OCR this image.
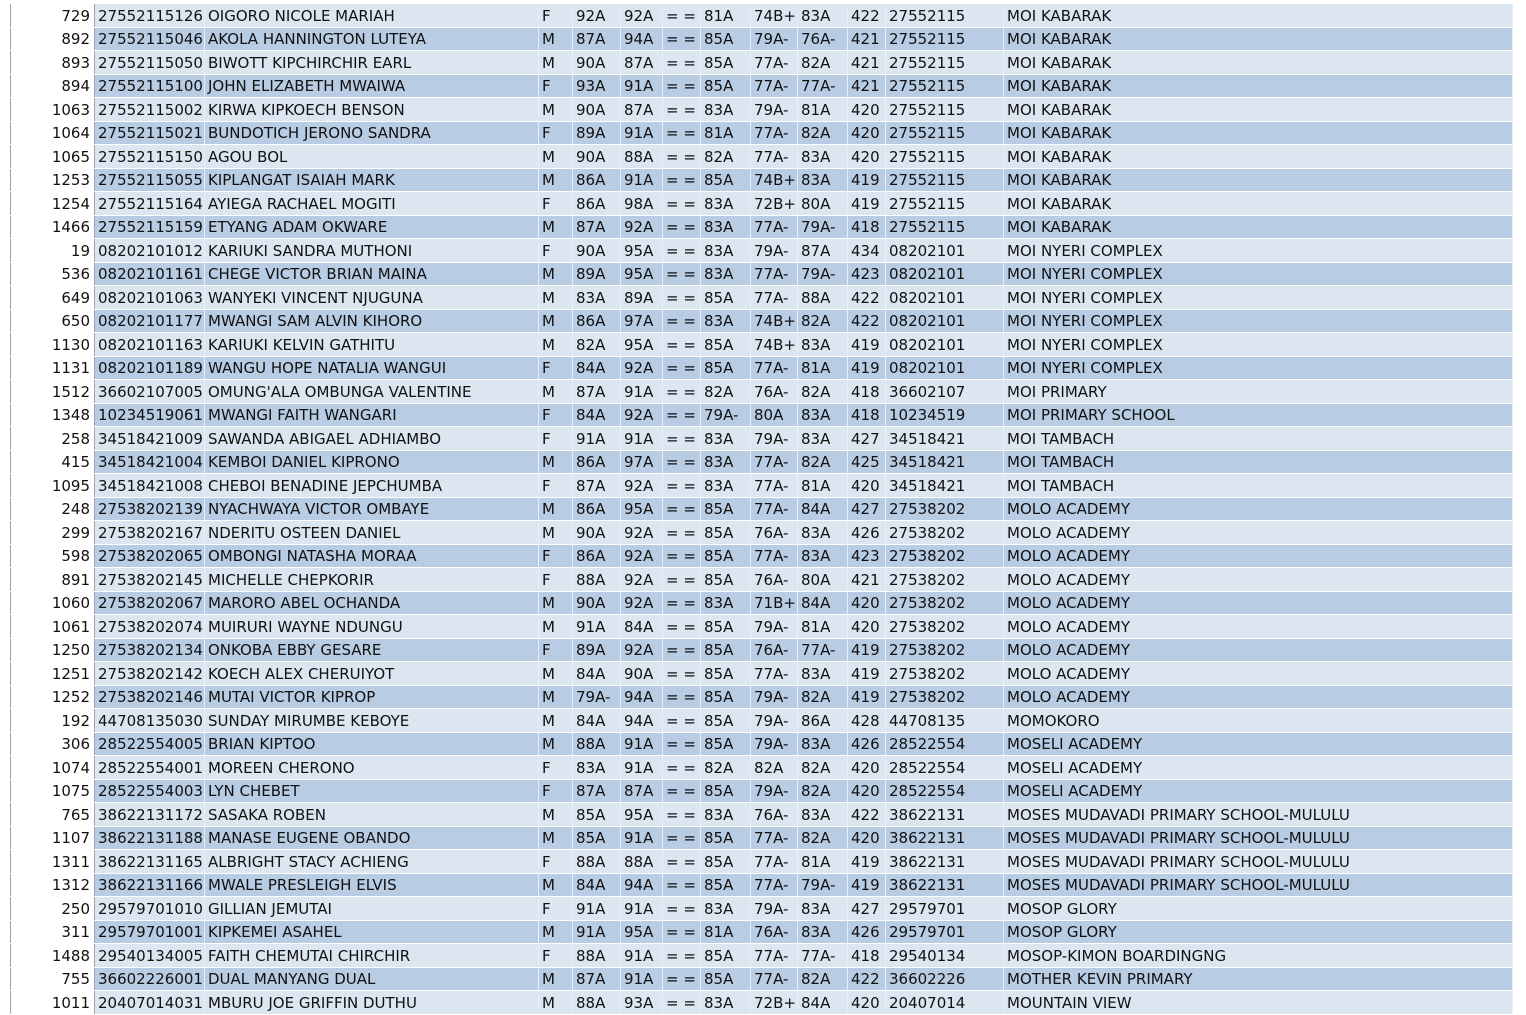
729	27552115126	OIGORO NICOLE MARIAH	F	92A	92A	= =	81A	74B+	83A	422	27552115	MOI KABARAK
892	27552115046	AKOLA HANNINGTON LUTEYA	M	87A	94A	= =	85A	79A-	76A-	421	27552115	MOI KABARAK
893	27552115050	BIWOTT KIPCHIRCHIR EARL	M	90A	87A	= =	85A	77A-	82A	421	27552115	MOI KABARAK
894	27552115100	JOHN ELIZABETH MWAIWA	F	93A	91A	= =	85A	77A-	77A-	421	27552115	MOI KABARAK
1063	27552115002	KIRWA KIPKOECH BENSON	M	90A	87A	= =	83A	79A-	81A	420	27552115	MOI KABARAK
1064	27552115021	BUNDOTICH JERONO SANDRA	F	89A	91A	= =	81A	77A-	82A	420	27552115	MOI KABARAK
1065	27552115150	AGOU BOL	M	90A	88A	= =	82A	77A-	83A	420	27552115	MOI KABARAK
1253	27552115055	KIPLANGAT ISAIAH MARK	M	86A	91A	= =	85A	74B+	83A	419	27552115	MOI KABARAK
1254	27552115164	AYIEGA RACHAEL MOGITI	F	86A	98A	= =	83A	72B+	80A	419	27552115	MOI KABARAK
1466	27552115159	ETYANG ADAM OKWARE	M	87A	92A	= =	83A	77A-	79A-	418	27552115	MOI KABARAK
19	08202101012	KARIUKI SANDRA MUTHONI	F	90A	95A	= =	83A	79A-	87A	434	08202101	MOI NYERI COMPLEX
536	08202101161	CHEGE VICTOR BRIAN MAINA	M	89A	95A	= =	83A	77A-	79A-	423	08202101	MOI NYERI COMPLEX
649	08202101063	WANYEKI VINCENT NJUGUNA	M	83A	89A	= =	85A	77A-	88A	422	08202101	MOI NYERI COMPLEX
650	08202101177	MWANGI SAM ALVIN KIHORO	M	86A	97A	= =	83A	74B+	82A	422	08202101	MOI NYERI COMPLEX
1130	08202101163	KARIUKI KELVIN GATHITU	M	82A	95A	= =	85A	74B+	83A	419	08202101	MOI NYERI COMPLEX
1131	08202101189	WANGU HOPE NATALIA WANGUI	F	84A	92A	= =	85A	77A-	81A	419	08202101	MOI NYERI COMPLEX
1512	36602107005	OMUNG'ALA OMBUNGA VALENTINE	M	87A	91A	= =	82A	76A-	82A	418	36602107	MOI PRIMARY
1348	10234519061	MWANGI FAITH WANGARI	F	84A	92A	= =	79A-	80A	83A	418	10234519	MOI PRIMARY SCHOOL
258	34518421009	SAWANDA ABIGAEL ADHIAMBO	F	91A	91A	= =	83A	79A-	83A	427	34518421	MOI TAMBACH
415	34518421004	KEMBOI DANIEL KIPRONO	M	86A	97A	= =	83A	77A-	82A	425	34518421	MOI TAMBACH
1095	34518421008	CHEBOI BENADINE JEPCHUMBA	F	87A	92A	= =	83A	77A-	81A	420	34518421	MOI TAMBACH
248	27538202139	NYACHWAYA VICTOR OMBAYE	M	86A	95A	= =	85A	77A-	84A	427	27538202	MOLO ACADEMY
299	27538202167	NDERITU OSTEEN DANIEL	M	90A	92A	= =	85A	76A-	83A	426	27538202	MOLO ACADEMY
598	27538202065	OMBONGI NATASHA MORAA	F	86A	92A	= =	85A	77A-	83A	423	27538202	MOLO ACADEMY
891	27538202145	MICHELLE CHEPKORIR	F	88A	92A	= =	85A	76A-	80A	421	27538202	MOLO ACADEMY
1060	27538202067	MARORO ABEL OCHANDA	M	90A	92A	= =	83A	71B+	84A	420	27538202	MOLO ACADEMY
1061	27538202074	MUIRURI WAYNE NDUNGU	M	91A	84A	= =	85A	79A-	81A	420	27538202	MOLO ACADEMY
1250	27538202134	ONKOBA EBBY GESARE	F	89A	92A	= =	85A	76A-	77A-	419	27538202	MOLO ACADEMY
1251	27538202142	KOECH ALEX CHERUIYOT	M	84A	90A	= =	85A	77A-	83A	419	27538202	MOLO ACADEMY
1252	27538202146	MUTAI VICTOR KIPROP	M	79A-	94A	= =	85A	79A-	82A	419	27538202	MOLO ACADEMY
192	44708135030	SUNDAY MIRUMBE KEBOYE	M	84A	94A	= =	85A	79A-	86A	428	44708135	MOMOKORO
306	28522554005	BRIAN KIPTOO	M	88A	91A	= =	85A	79A-	83A	426	28522554	MOSELI ACADEMY
1074	28522554001	MOREEN CHERONO	F	83A	91A	= =	82A	82A	82A	420	28522554	MOSELI ACADEMY
1075	28522554003	LYN CHEBET	F	87A	87A	= =	85A	79A-	82A	420	28522554	MOSELI ACADEMY
765	38622131172	SASAKA ROBEN	M	85A	95A	= =	83A	76A-	83A	422	38622131	MOSES MUDAVADI PRIMARY SCHOOL-MULULU
1107	38622131188	MANASE EUGENE OBANDO	M	85A	91A	= =	85A	77A-	82A	420	38622131	MOSES MUDAVADI PRIMARY SCHOOL-MULULU
1311	38622131165	ALBRIGHT STACY ACHIENG	F	88A	88A	= =	85A	77A-	81A	419	38622131	MOSES MUDAVADI PRIMARY SCHOOL-MULULU
1312	38622131166	MWALE PRESLEIGH ELVIS	M	84A	94A	= =	85A	77A-	79A-	419	38622131	MOSES MUDAVADI PRIMARY SCHOOL-MULULU
250	29579701010	GILLIAN JEMUTAI	F	91A	91A	= =	83A	79A-	83A	427	29579701	MOSOP GLORY
311	29579701001	KIPKEMEI ASAHEL	M	91A	95A	= =	81A	76A-	83A	426	29579701	MOSOP GLORY
1488	29540134005	FAITH CHEMUTAI CHIRCHIR	F	88A	91A	= =	85A	77A-	77A-	418	29540134	MOSOP-KIMON BOARDINGNG
755	36602226001	DUAL MANYANG DUAL	M	87A	91A	= =	85A	77A-	82A	422	36602226	MOTHER KEVIN PRIMARY
1011	20407014031	MBURU JOE GRIFFIN DUTHU	M	88A	93A	= =	83A	72B+	84A	420	20407014	MOUNTAIN VIEW
